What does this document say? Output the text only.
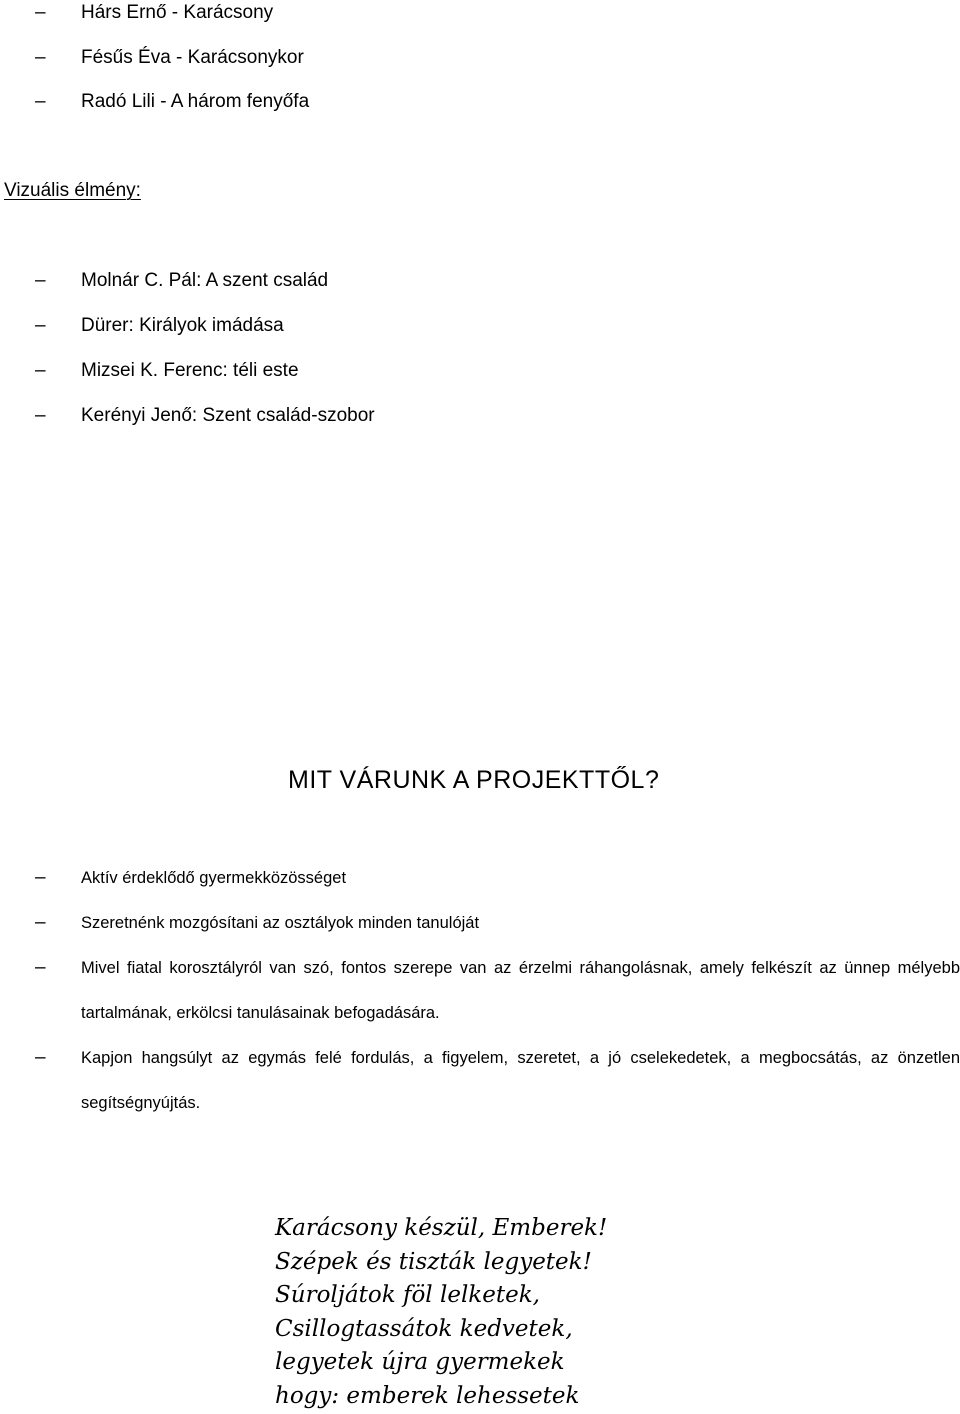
– Hárs Ernő - Karácsony
– Fésűs Éva - Karácsonykor
– Radó Lili - A három fenyőfa
Vizuális élmény:
– Molnár C. Pál: A szent család
– Dürer: Királyok imádása
– Mizsei K. Ferenc: téli este
– Kerényi Jenő: Szent család-szobor
MIT VÁRUNK A PROJEKTTŐL?
– Aktív érdeklődő gyermekközösséget
– Szeretnénk mozgósítani az osztályok minden tanulóját
– Mivel fiatal korosztályról van szó, fontos szerepe van az érzelmi ráhangolásnak, amely felkészít az ünnep mélyebb tartalmának, erkölcsi tanulásainak befogadására.
– Kapjon hangsúlyt az egymás felé fordulás, a figyelem, szeretet, a jó cselekedetek, a megbocsátás, az önzetlen segítségnyújtás.
Karácsony készül, Emberek!
Szépek és tiszták legyetek!
Súroljátok föl lelketek,
Csillogtassátok kedvetek,
legyetek újra gyermekek
hogy: emberek lehessetek
